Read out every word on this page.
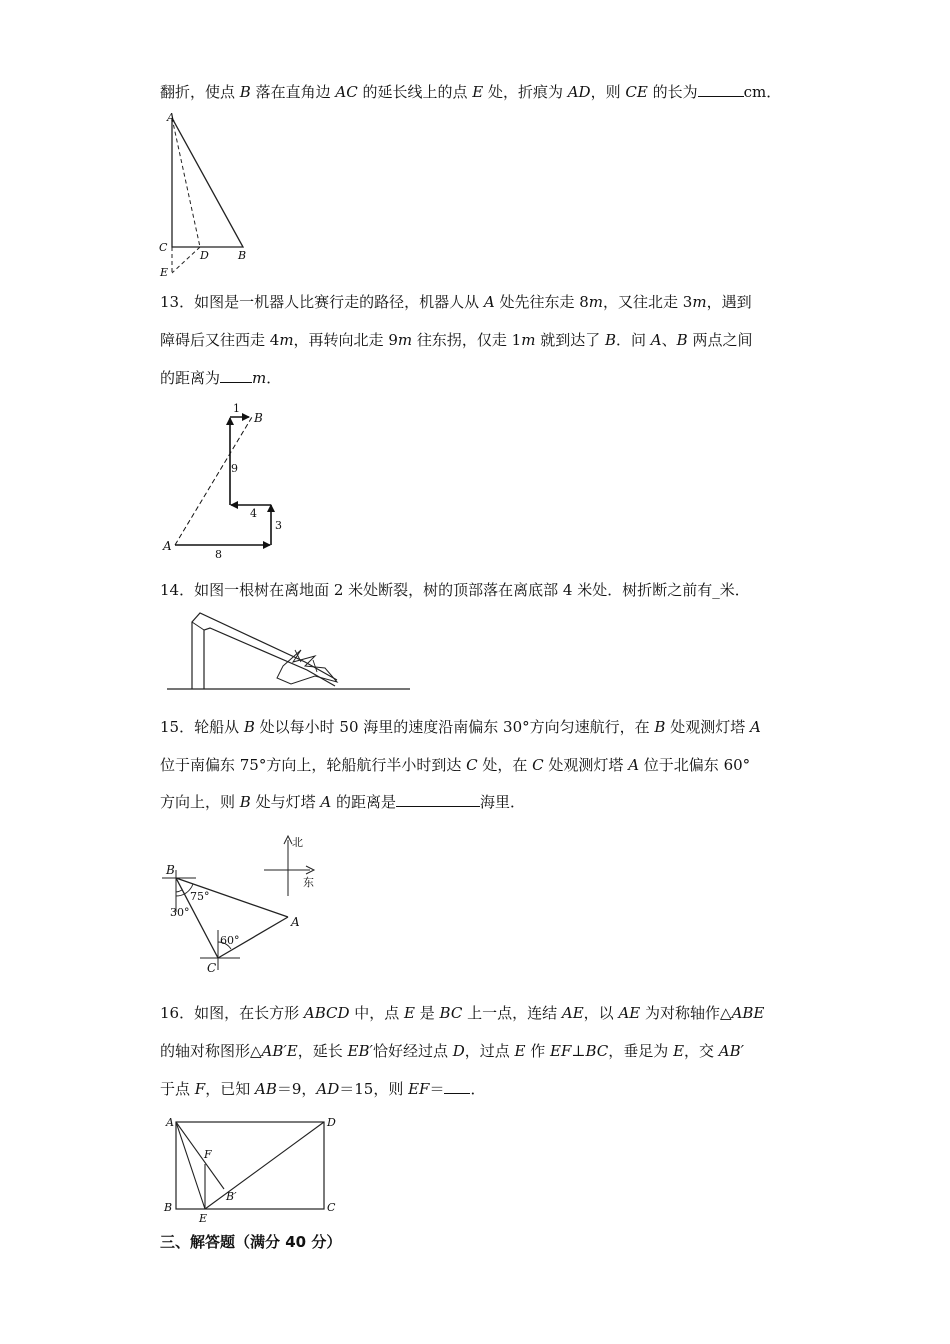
翻折，使点 B 落在直角边 AC 的延长线上的点 E 处，折痕为 AD，则 CE 的长为	cm．
A
C
D	B
E
13．如图是一机器人比赛行走的路径，机器人从 A 处先往东走 8m，又往北走 3m，遇到
障碍后又往西走 4m，再转向北走 9m 往东拐，仅走 1m 就到达了 B．问 A、B 两点之间
的距离为 m．
A
B
1
9
4
3
8
14．如图一根树在离地面 2 米处断裂，树的顶部落在离底部 4 米处．树折断之前有_米．
15．轮船从 B 处以每小时 50 海里的速度沿南偏东 30°方向匀速航行，在 B 处观测灯塔 A
位于南偏东 75°方向上，轮船航行半小时到达 C 处，在 C 处观测灯塔 A 位于北偏东 60°
方向上，则 B 处与灯塔 A 的距离是	海里．
B
A
C
75°
30°
60°
北
东
16．如图，在长方形 ABCD 中，点 E 是 BC 上一点，连结 AE，以 AE 为对称轴作△ABE
的轴对称图形△AB′E，延长 EB′恰好经过点 D，过点 E 作 EF⊥BC，垂足为 E，交 AB′
于点 F，已知 AB＝9，AD＝15，则 EF＝ ．
A	D
F
B′
B	C
E
三、解答题（满分 40 分）
